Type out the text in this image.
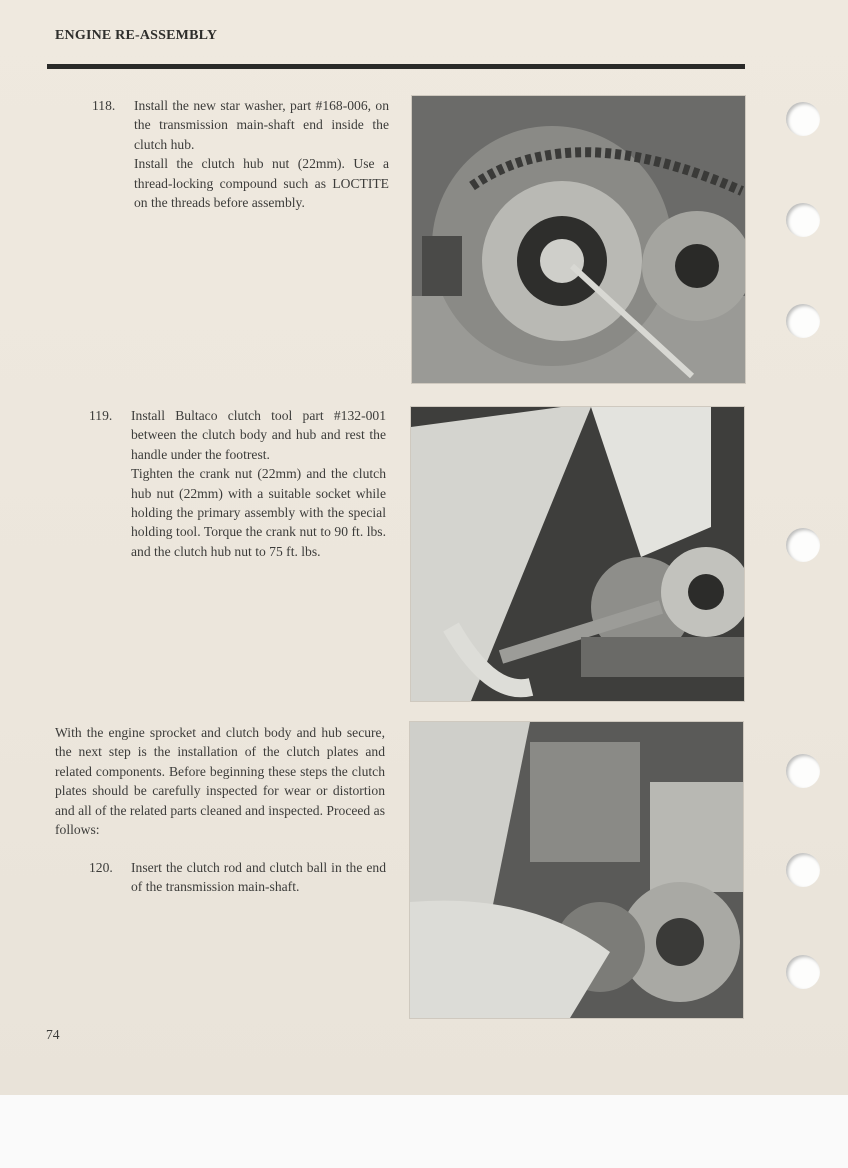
ENGINE RE-ASSEMBLY
118. Install the new star washer, part #168-006, on the transmission main-shaft end inside the clutch hub.

Install the clutch hub nut (22mm). Use a thread-locking compound such as LOCTITE on the threads before assembly.

119. Install Bultaco clutch tool part #132-001 between the clutch body and hub and rest the handle under the footrest.

Tighten the crank nut (22mm) and the clutch hub nut (22mm) with a suitable socket while holding the primary assembly with the special holding tool. Torque the crank nut to 90 ft. lbs. and the clutch hub nut to 75 ft. lbs.

With the engine sprocket and clutch body and hub secure, the next step is the installation of the clutch plates and related components. Before beginning these steps the clutch plates should be carefully inspected for wear or distortion and all of the related parts cleaned and inspected. Proceed as follows:

120. Insert the clutch rod and clutch ball in the end of the transmission main-shaft.

74
